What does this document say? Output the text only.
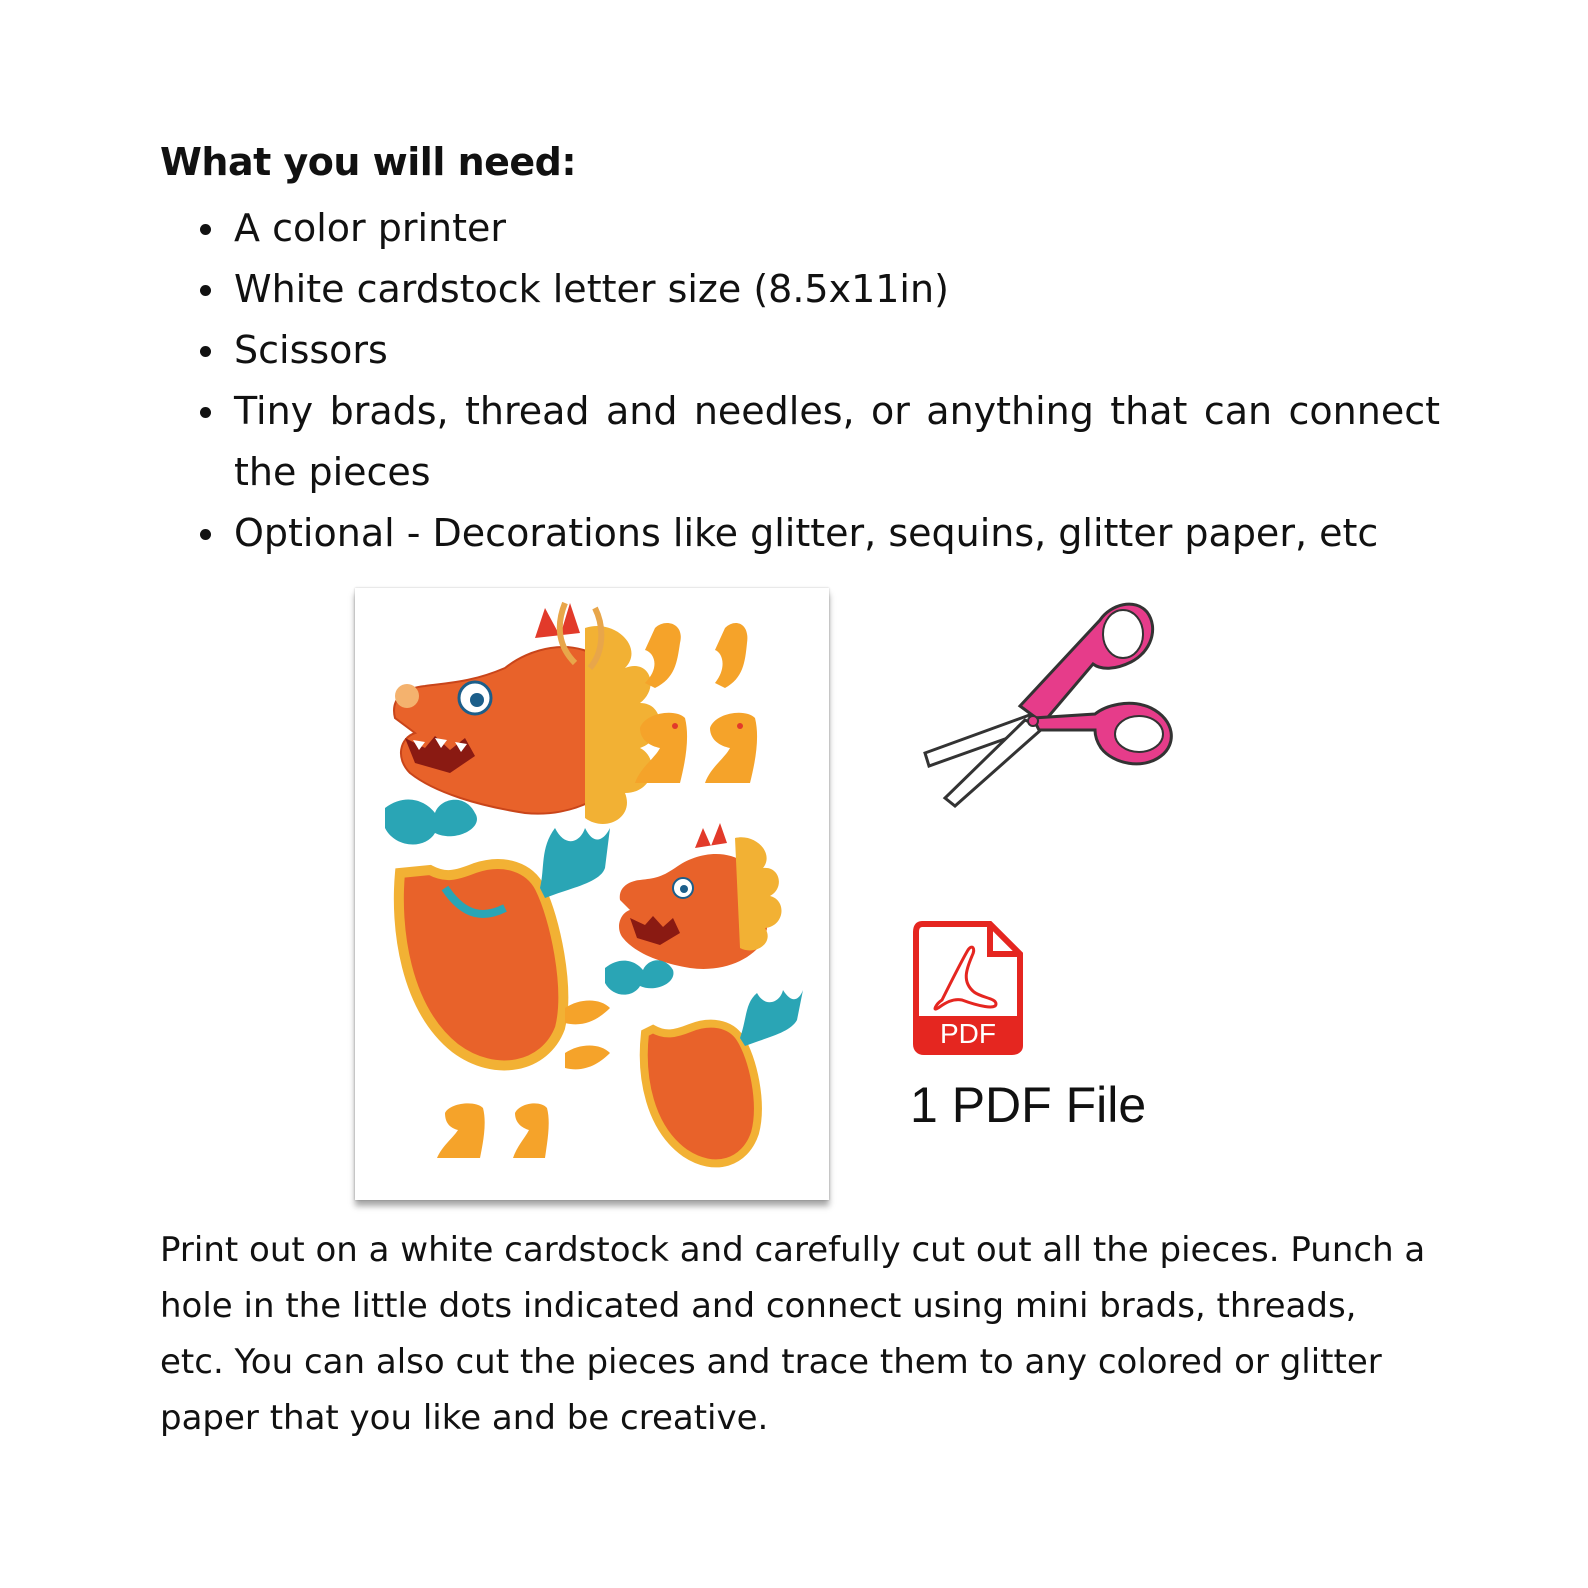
What you will need:
A color printer
White cardstock letter size (8.5x11in)
Scissors
Tiny brads, thread and needles, or anything that can connect the pieces
Optional - Decorations like glitter, sequins, glitter paper, etc
PDF
1 PDF File

Print out on a white cardstock and carefully cut out all the pieces. Punch a hole in the little dots indicated and connect using mini brads, threads, etc. You can also cut the pieces and trace them to any colored or glitter paper that you like and be creative.
